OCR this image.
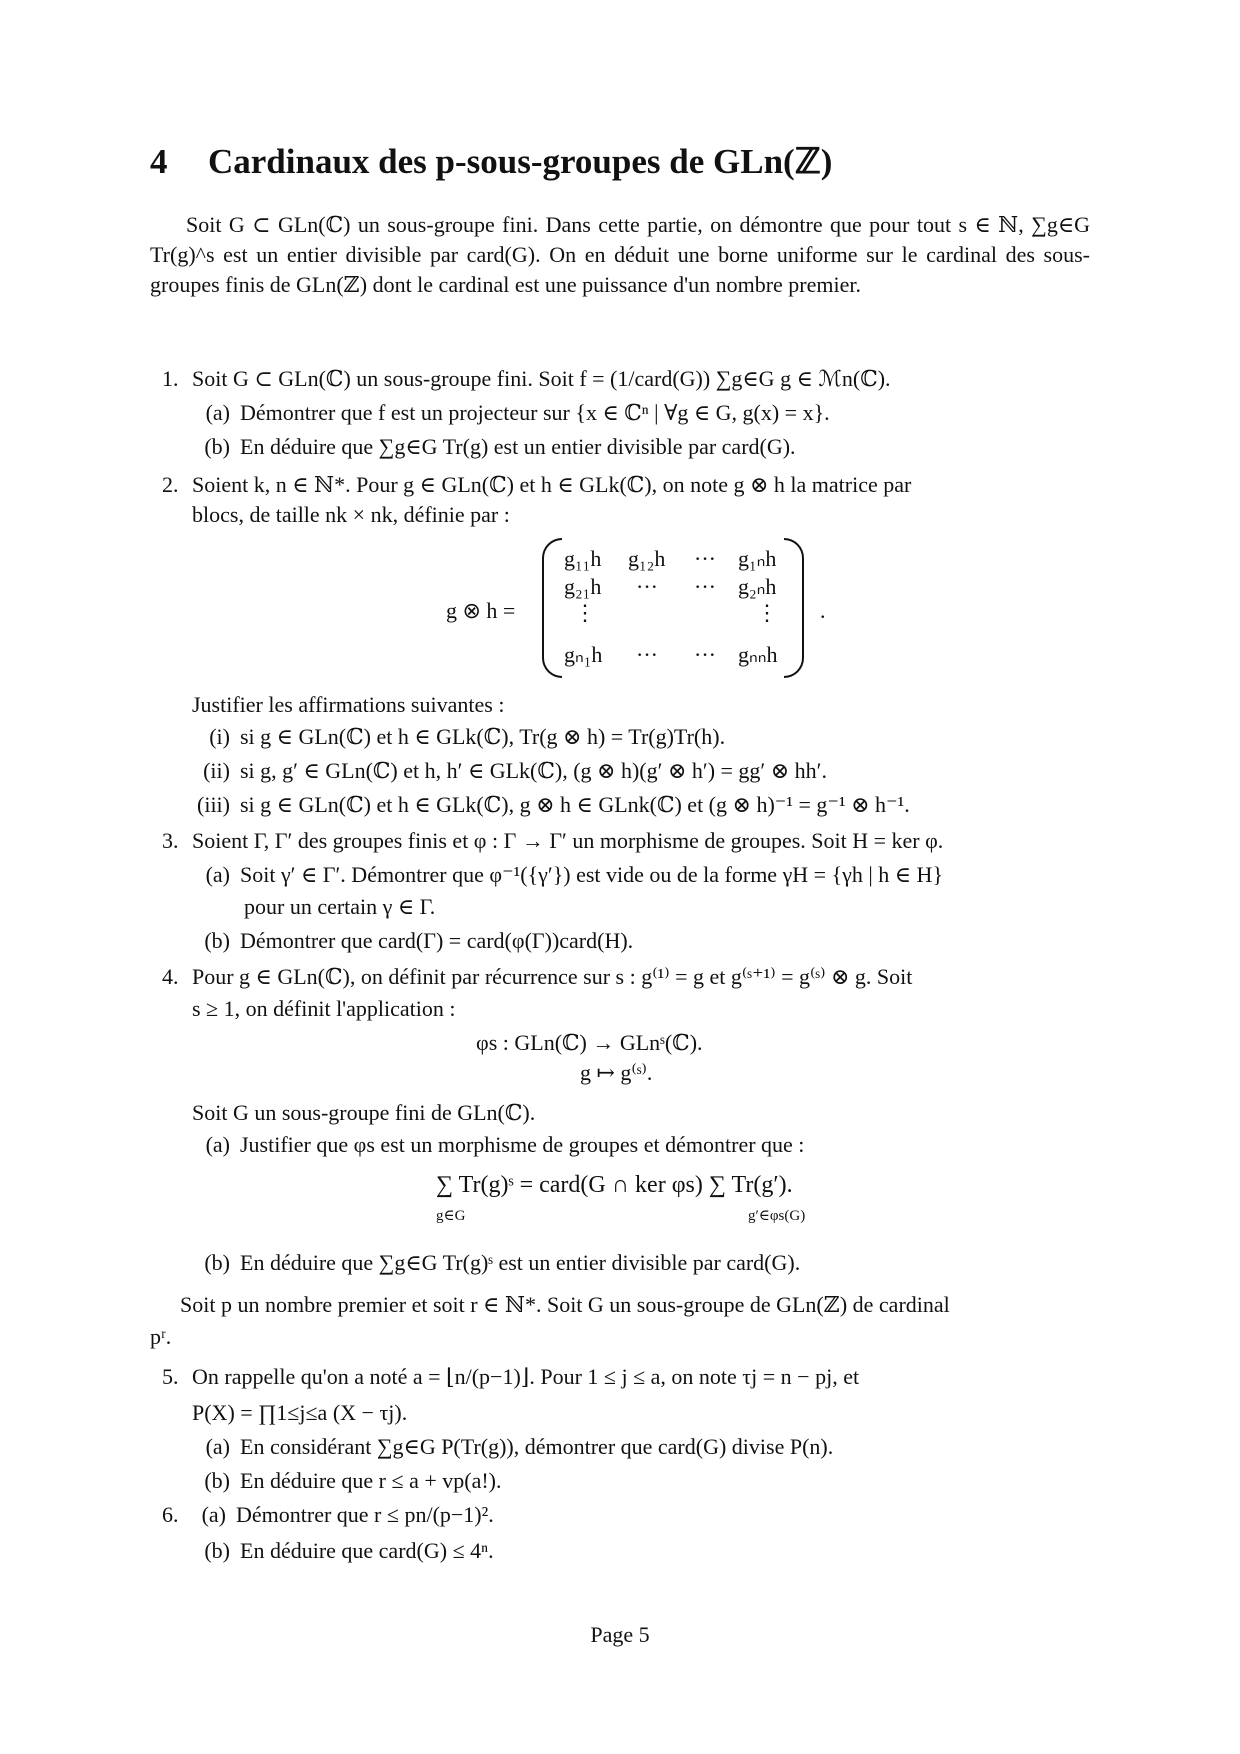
4 Cardinaux des p-sous-groupes de GLn(ℤ)
Soit G ⊂ GLn(ℂ) un sous-groupe fini. Dans cette partie, on démontre que pour tout s ∈ ℕ, ∑g∈G Tr(g)^s est un entier divisible par card(G). On en déduit une borne uniforme sur le cardinal des sous-groupes finis de GLn(ℤ) dont le cardinal est une puissance d'un nombre premier.
1. Soit G ⊂ GLn(ℂ) un sous-groupe fini. Soit f = (1/card(G)) ∑g∈G g ∈ ℳn(ℂ).
(a) Démontrer que f est un projecteur sur {x ∈ ℂⁿ | ∀g ∈ G, g(x) = x}.
(b) En déduire que ∑g∈G Tr(g) est un entier divisible par card(G).
2. Soient k, n ∈ ℕ*. Pour g ∈ GLn(ℂ) et h ∈ GLk(ℂ), on note g ⊗ h la matrice par
blocs, de taille nk × nk, définie par :
g ⊗ h =
g₁₁h g₁₂h ··· g₁ₙh
g₂₁h ··· ··· g₂ₙh
⋮	⋮
gₙ₁h ··· ··· gₙₙh
.
Justifier les affirmations suivantes :
(i) si g ∈ GLn(ℂ) et h ∈ GLk(ℂ), Tr(g ⊗ h) = Tr(g)Tr(h).
(ii) si g, g′ ∈ GLn(ℂ) et h, h′ ∈ GLk(ℂ), (g ⊗ h)(g′ ⊗ h′) = gg′ ⊗ hh′.
(iii) si g ∈ GLn(ℂ) et h ∈ GLk(ℂ), g ⊗ h ∈ GLnk(ℂ) et (g ⊗ h)⁻¹ = g⁻¹ ⊗ h⁻¹.
3. Soient Γ, Γ′ des groupes finis et φ : Γ → Γ′ un morphisme de groupes. Soit H = ker φ.
(a) Soit γ′ ∈ Γ′. Démontrer que φ⁻¹({γ′}) est vide ou de la forme γH = {γh | h ∈ H}
pour un certain γ ∈ Γ.
(b) Démontrer que card(Γ) = card(φ(Γ))card(H).
4. Pour g ∈ GLn(ℂ), on définit par récurrence sur s : g⁽¹⁾ = g et g⁽ˢ⁺¹⁾ = g⁽ˢ⁾ ⊗ g. Soit
s ≥ 1, on définit l'application :
φs : GLn(ℂ) → GLnˢ(ℂ).
g ↦ g⁽ˢ⁾.
Soit G un sous-groupe fini de GLn(ℂ).
(a) Justifier que φs est un morphisme de groupes et démontrer que :
∑ Tr(g)ˢ = card(G ∩ ker φs) ∑ Tr(g′).
g∈G	g′∈φs(G)
(b) En déduire que ∑g∈G Tr(g)ˢ est un entier divisible par card(G).
Soit p un nombre premier et soit r ∈ ℕ*. Soit G un sous-groupe de GLn(ℤ) de cardinal
pʳ.
5. On rappelle qu'on a noté a = ⌊n/(p−1)⌋. Pour 1 ≤ j ≤ a, on note τj = n − pj, et
P(X) = ∏1≤j≤a (X − τj).
(a) En considérant ∑g∈G P(Tr(g)), démontrer que card(G) divise P(n).
(b) En déduire que r ≤ a + vp(a!).
6. (a) Démontrer que r ≤ pn/(p−1)².
(b) En déduire que card(G) ≤ 4ⁿ.
Page 5
